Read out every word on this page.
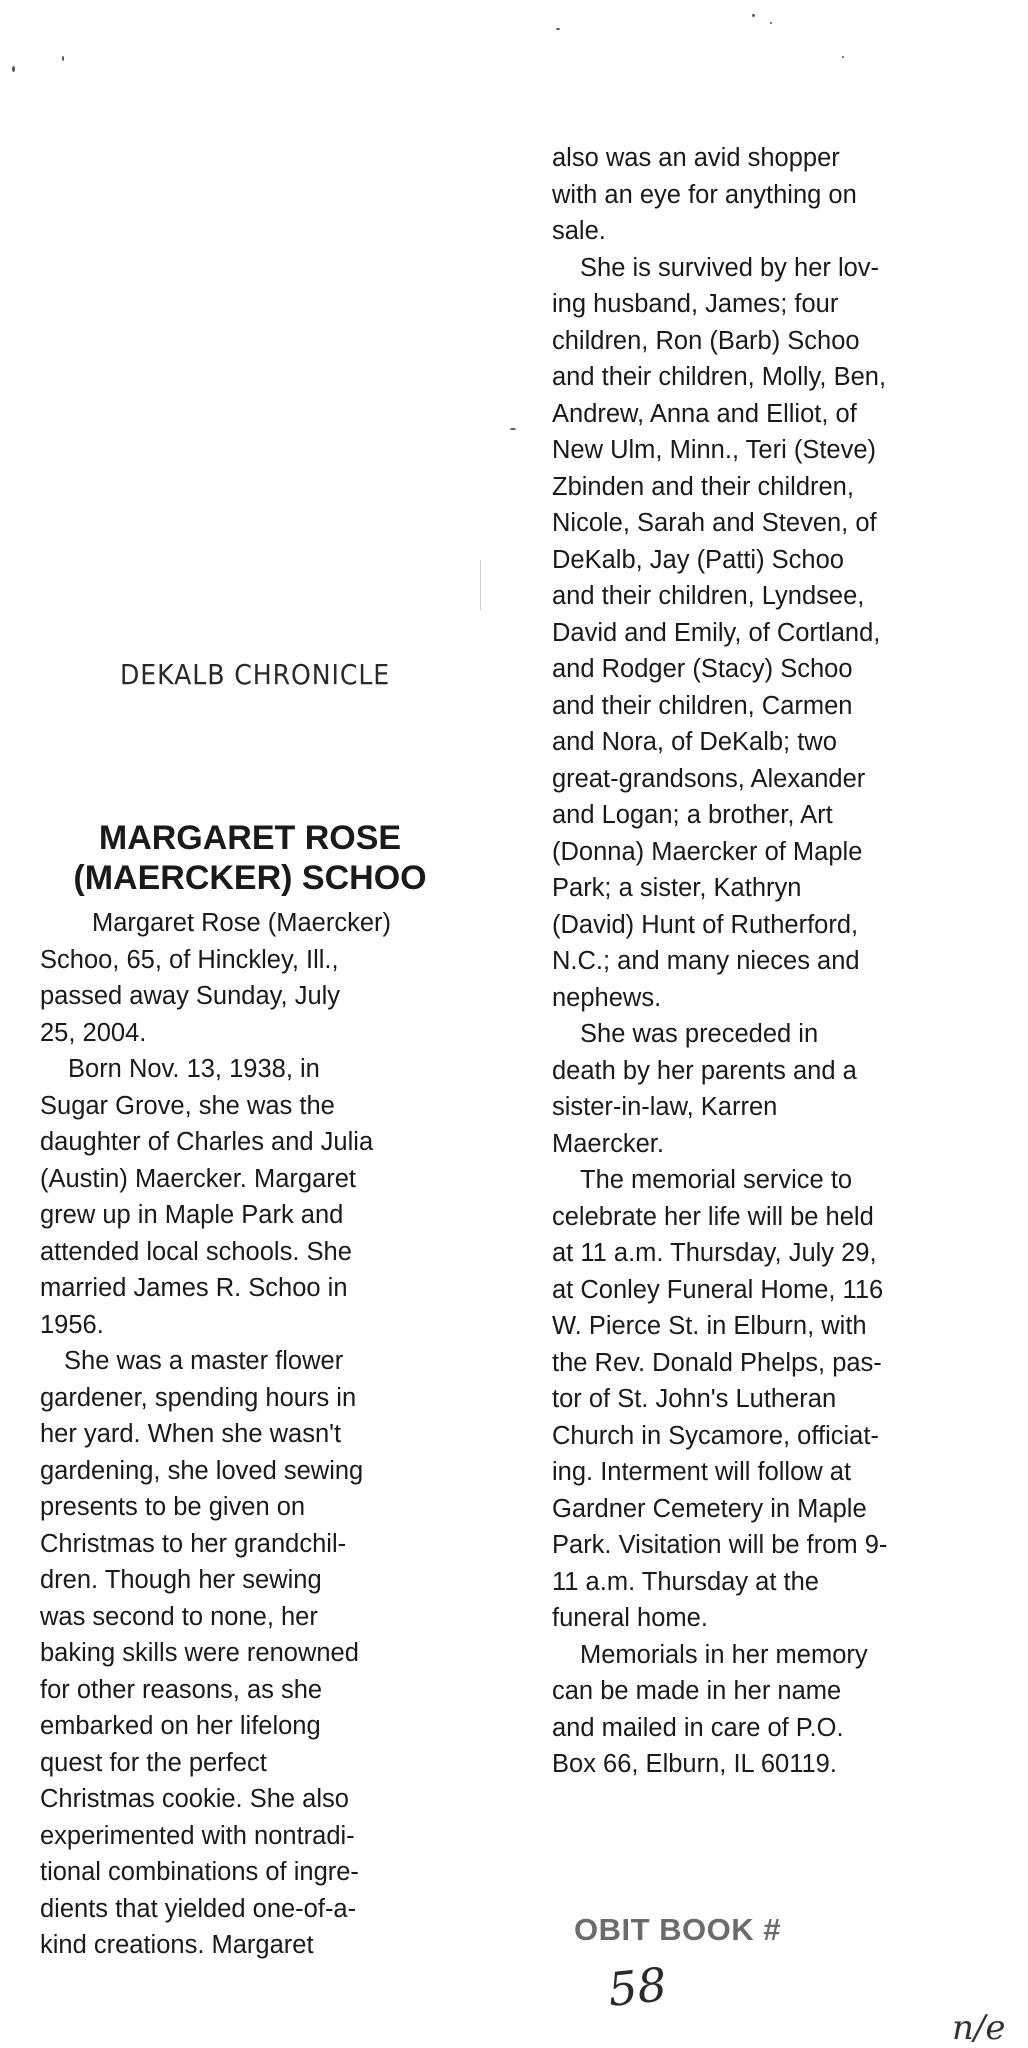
DEKALB CHRONICLE
MARGARET ROSE
(MAERCKER) SCHOO

Margaret Rose (Maercker)
Schoo, 65, of Hinckley, Ill.,
passed away Sunday, July
25, 2004.

Born Nov. 13, 1938, in
Sugar Grove, she was the
daughter of Charles and Julia
(Austin) Maercker. Margaret
grew up in Maple Park and
attended local schools. She
married James R. Schoo in
1956.

She was a master flower
gardener, spending hours in
her yard. When she wasn't
gardening, she loved sewing
presents to be given on
Christmas to her grandchil-
dren. Though her sewing
was second to none, her
baking skills were renowned
for other reasons, as she
embarked on her lifelong
quest for the perfect
Christmas cookie. She also
experimented with nontradi-
tional combinations of ingre-
dients that yielded one-of-a-
kind creations. Margaret

also was an avid shopper
with an eye for anything on
sale.

She is survived by her lov-
ing husband, James; four
children, Ron (Barb) Schoo
and their children, Molly, Ben,
Andrew, Anna and Elliot, of
New Ulm, Minn., Teri (Steve)
Zbinden and their children,
Nicole, Sarah and Steven, of
DeKalb, Jay (Patti) Schoo
and their children, Lyndsee,
David and Emily, of Cortland,
and Rodger (Stacy) Schoo
and their children, Carmen
and Nora, of DeKalb; two
great-grandsons, Alexander
and Logan; a brother, Art
(Donna) Maercker of Maple
Park; a sister, Kathryn
(David) Hunt of Rutherford,
N.C.; and many nieces and
nephews.

She was preceded in
death by her parents and a
sister-in-law, Karren
Maercker.

The memorial service to
celebrate her life will be held
at 11 a.m. Thursday, July 29,
at Conley Funeral Home, 116
W. Pierce St. in Elburn, with
the Rev. Donald Phelps, pas-
tor of St. John's Lutheran
Church in Sycamore, officiat-
ing. Interment will follow at
Gardner Cemetery in Maple
Park. Visitation will be from 9-
11 a.m. Thursday at the
funeral home.

Memorials in her memory
can be made in her name
and mailed in care of P.O.
Box 66, Elburn, IL 60119.

OBIT BOOK #
58
n/e
